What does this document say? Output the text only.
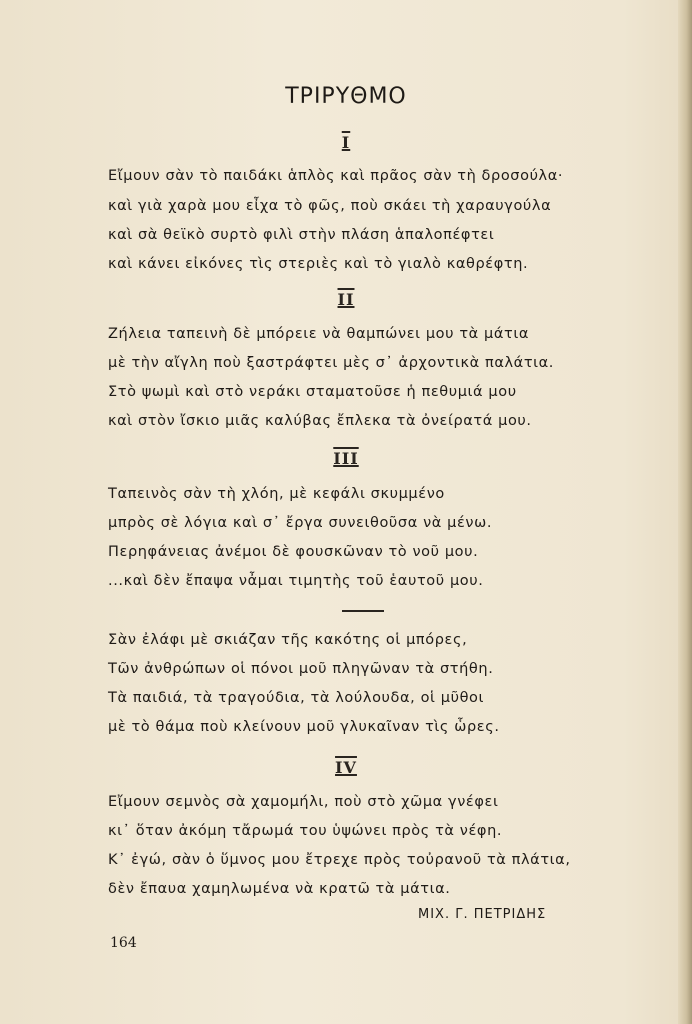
ΤΡΙΡΥΘΜΟ
I
Εἴμουν σὰν τὸ παιδάκι ἁπλὸς καὶ πρᾶος σὰν τὴ δροσούλα·
καὶ γιὰ χαρὰ μου εἶχα τὸ φῶς, ποὺ σκάει τὴ χαραυγούλα
καὶ σὰ θεϊκὸ συρτὸ φιλὶ στὴν πλάση ἁπαλοπέφτει
καὶ κάνει εἰκόνες τὶς στεριὲς καὶ τὸ γιαλὸ καθρέφτη.
II
Ζήλεια ταπεινὴ δὲ μπόρειε νὰ θαμπώνει μου τὰ μάτια
μὲ τὴν αἴγλη ποὺ ξαστράφτει μὲς σ᾽ ἀρχοντικὰ παλάτια.
Στὸ ψωμὶ καὶ στὸ νεράκι σταματοῦσε ἡ πεθυμιά μου
καὶ στὸν ἴσκιο μιᾶς καλύβας ἔπλεκα τὰ ὀνείρατά μου.
III
Ταπεινὸς σὰν τὴ χλόη, μὲ κεφάλι σκυμμένο
μπρὸς σὲ λόγια καὶ σ᾽ ἔργα συνειθοῦσα νὰ μένω.
Περηφάνειας ἀνέμοι δὲ φουσκῶναν τὸ νοῦ μου.
...καὶ δὲν ἔπαψα νἆμαι τιμητὴς τοῦ ἑαυτοῦ μου.
Σὰν ἐλάφι μὲ σκιάζαν τῆς κακότης οἱ μπόρες,
Τῶν ἀνθρώπων οἱ πόνοι μοῦ πληγῶναν τὰ στήθη.
Τὰ παιδιά, τὰ τραγούδια, τὰ λούλουδα, οἱ μῦθοι
μὲ τὸ θάμα ποὺ κλείνουν μοῦ γλυκαῖναν τὶς ὧρες.
IV
Εἴμουν σεμνὸς σὰ χαμομήλι, ποὺ στὸ χῶμα γνέφει
κι᾽ ὅταν ἀκόμη τἄρωμά του ὑψώνει πρὸς τὰ νέφη.
Κ᾽ ἐγώ, σὰν ὁ ὕμνος μου ἔτρεχε πρὸς τοὐρανοῦ τὰ πλάτια,
δὲν ἔπαυα χαμηλωμένα νὰ κρατῶ τὰ μάτια.
ΜΙΧ. Γ. ΠΕΤΡΙΔΗΣ
164
